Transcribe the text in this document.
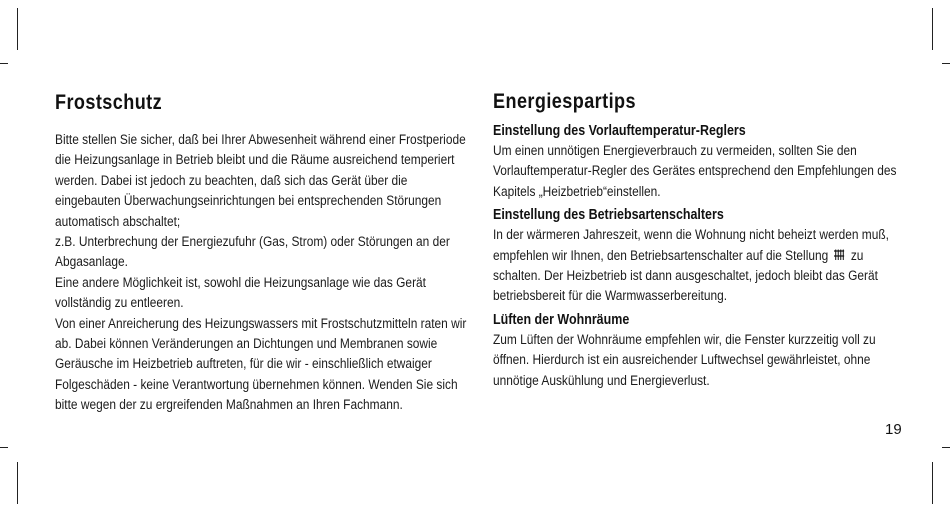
Frostschutz

Bitte stellen Sie sicher, daß bei Ihrer Abwesenheit während einer Frostperiode die Heizungsanlage in Betrieb bleibt und die Räume ausreichend temperiert werden. Dabei ist jedoch zu beachten, daß sich das Gerät über die eingebauten Überwachungseinrichtungen bei entsprechenden Störungen automatisch abschaltet;

z.B. Unterbrechung der Energiezufuhr (Gas, Strom) oder Störungen an der Abgasanlage.

Eine andere Möglichkeit ist, sowohl die Heizungsanlage wie das Gerät vollständig zu entleeren.

Von einer Anreicherung des Heizungswassers mit Frostschutzmitteln raten wir ab. Dabei können Veränderungen an Dichtungen und Membranen sowie Geräusche im Heizbetrieb auftreten, für die wir - einschließlich etwaiger Folgeschäden - keine Verantwortung übernehmen können. Wenden Sie sich bitte wegen der zu ergreifenden Maßnahmen an Ihren Fachmann.

Energiespartips
Einstellung des Vorlauftemperatur-Reglers

Um einen unnötigen Energieverbrauch zu vermeiden, sollten Sie den Vorlauftemperatur-Regler des Gerätes entsprechend den Empfehlungen des Kapitels „Heizbetrieb“einstellen.

Einstellung des Betriebsartenschalters

In der wärmeren Jahreszeit, wenn die Wohnung nicht beheizt werden muß, empfehlen wir Ihnen, den Betriebsartenschalter auf die Stellung zu schalten. Der Heizbetrieb ist dann ausgeschaltet, jedoch bleibt das Gerät betriebsbereit für die Warmwasserbereitung.

Lüften der Wohnräume

Zum Lüften der Wohnräume empfehlen wir, die Fenster kurzzeitig voll zu öffnen. Hierdurch ist ein ausreichender Luftwechsel gewährleistet, ohne unnötige Auskühlung und Energieverlust.

19
